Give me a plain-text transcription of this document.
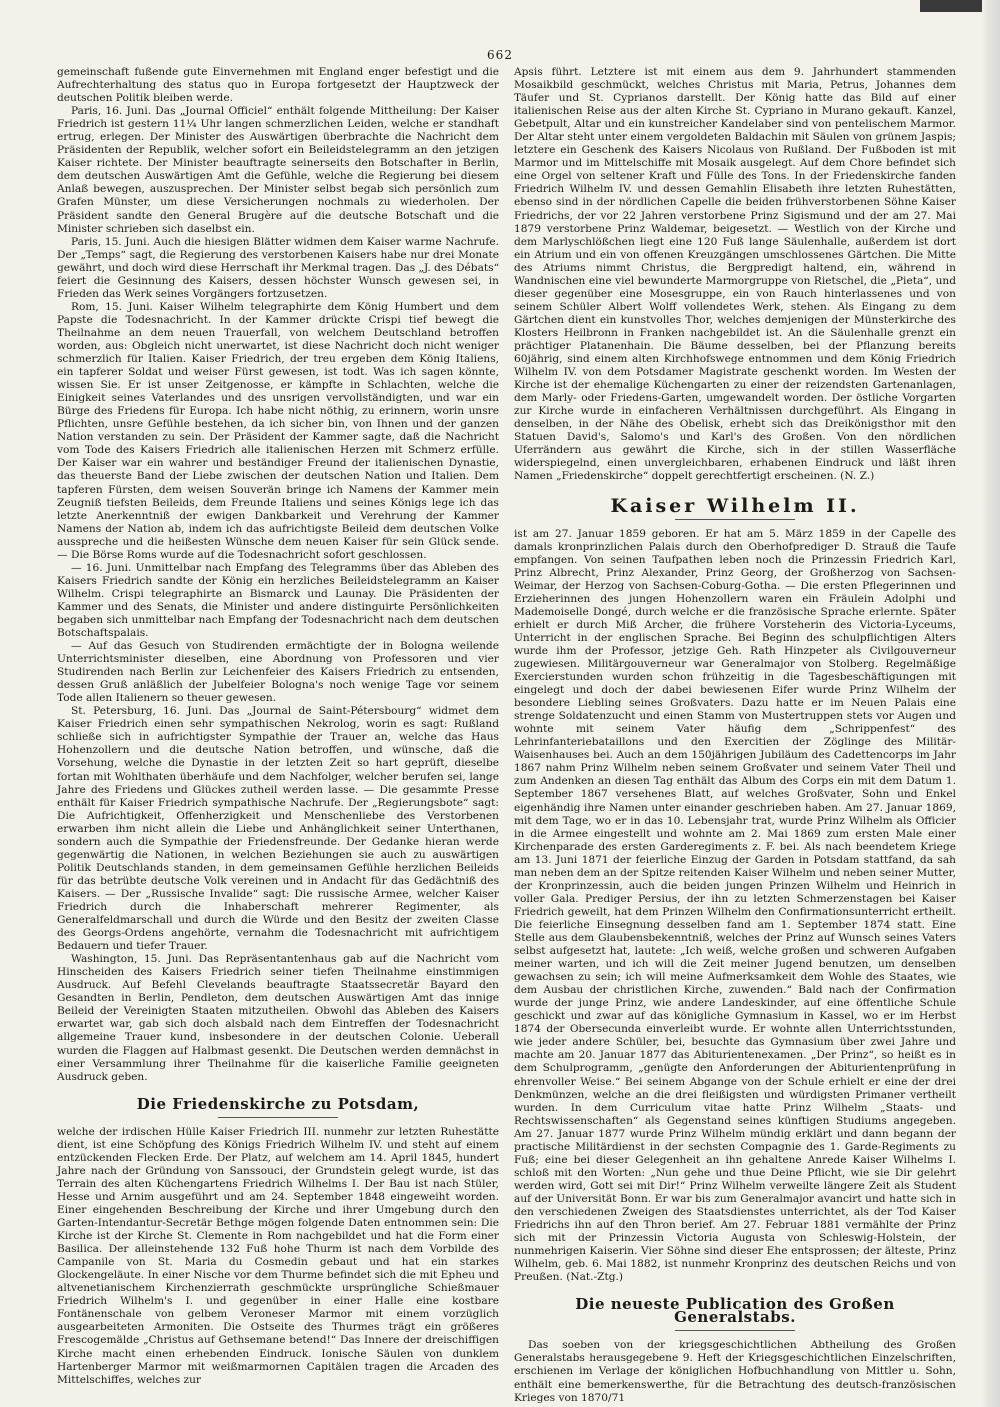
662

gemeinschaft fußende gute Einvernehmen mit England enger befestigt und die Aufrechterhaltung des status quo in Europa fortgesetzt der Hauptzweck der deutschen Politik bleiben werde.

Paris, 16. Juni. Das „Journal Officiel“ enthält folgende Mittheilung: Der Kaiser Friedrich ist gestern 11¼ Uhr langen schmerzlichen Leiden, welche er standhaft ertrug, erlegen. Der Minister des Auswärtigen überbrachte die Nachricht dem Präsidenten der Republik, welcher sofort ein Beileidstelegramm an den jetzigen Kaiser richtete. Der Minister beauftragte seinerseits den Botschafter in Berlin, dem deutschen Auswärtigen Amt die Gefühle, welche die Regierung bei diesem Anlaß bewegen, auszusprechen. Der Minister selbst begab sich persönlich zum Grafen Münster, um diese Versicherungen nochmals zu wiederholen. Der Präsident sandte den General Brugère auf die deutsche Botschaft und die Minister schrieben sich daselbst ein.

Paris, 15. Juni. Auch die hiesigen Blätter widmen dem Kaiser warme Nachrufe. Der „Temps“ sagt, die Regierung des verstorbenen Kaisers habe nur drei Monate gewährt, und doch wird diese Herrschaft ihr Merkmal tragen. Das „J. des Débats“ feiert die Gesinnung des Kaisers, dessen höchster Wunsch gewesen sei, in Frieden das Werk seines Vorgängers fortzusetzen.

Rom, 15. Juni. Kaiser Wilhelm telegraphirte dem König Humbert und dem Papste die Todesnachricht. In der Kammer drückte Crispi tief bewegt die Theilnahme an dem neuen Trauerfall, von welchem Deutschland betroffen worden, aus: Obgleich nicht unerwartet, ist diese Nachricht doch nicht weniger schmerzlich für Italien. Kaiser Friedrich, der treu ergeben dem König Italiens, ein tapferer Soldat und weiser Fürst gewesen, ist todt. Was ich sagen könnte, wissen Sie. Er ist unser Zeitgenosse, er kämpfte in Schlachten, welche die Einigkeit seines Vaterlandes und des unsrigen vervollständigten, und war ein Bürge des Friedens für Europa. Ich habe nicht nöthig, zu erinnern, worin unsre Pflichten, unsre Gefühle bestehen, da ich sicher bin, von Ihnen und der ganzen Nation verstanden zu sein. Der Präsident der Kammer sagte, daß die Nachricht vom Tode des Kaisers Friedrich alle italienischen Herzen mit Schmerz erfülle. Der Kaiser war ein wahrer und beständiger Freund der italienischen Dynastie, das theuerste Band der Liebe zwischen der deutschen Nation und Italien. Dem tapferen Fürsten, dem weisen Souverän bringe ich Namens der Kammer mein Zeugniß tiefsten Beileids, dem Freunde Italiens und seines Königs lege ich das letzte Anerkenntniß der ewigen Dankbarkeit und Verehrung der Kammer Namens der Nation ab, indem ich das aufrichtigste Beileid dem deutschen Volke ausspreche und die heißesten Wünsche dem neuen Kaiser für sein Glück sende. — Die Börse Roms wurde auf die Todesnachricht sofort geschlossen.

— 16. Juni. Unmittelbar nach Empfang des Telegramms über das Ableben des Kaisers Friedrich sandte der König ein herzliches Beileidstelegramm an Kaiser Wilhelm. Crispi telegraphirte an Bismarck und Launay. Die Präsidenten der Kammer und des Senats, die Minister und andere distinguirte Persönlichkeiten begaben sich unmittelbar nach Empfang der Todesnachricht nach dem deutschen Botschaftspalais.

— Auf das Gesuch von Studirenden ermächtigte der in Bologna weilende Unterrichtsminister dieselben, eine Abordnung von Professoren und vier Studirenden nach Berlin zur Leichenfeier des Kaisers Friedrich zu entsenden, dessen Gruß anläßlich der Jubelfeier Bologna's noch wenige Tage vor seinem Tode allen Italienern so theuer gewesen.

St. Petersburg, 16. Juni. Das „Journal de Saint-Pétersbourg“ widmet dem Kaiser Friedrich einen sehr sympathischen Nekrolog, worin es sagt: Rußland schließe sich in aufrichtigster Sympathie der Trauer an, welche das Haus Hohenzollern und die deutsche Nation betroffen, und wünsche, daß die Vorsehung, welche die Dynastie in der letzten Zeit so hart geprüft, dieselbe fortan mit Wohlthaten überhäufe und dem Nachfolger, welcher berufen sei, lange Jahre des Friedens und Glückes zutheil werden lasse. — Die gesammte Presse enthält für Kaiser Friedrich sympathische Nachrufe. Der „Regierungsbote“ sagt: Die Aufrichtigkeit, Offenherzigkeit und Menschenliebe des Verstorbenen erwarben ihm nicht allein die Liebe und Anhänglichkeit seiner Unterthanen, sondern auch die Sympathie der Friedensfreunde. Der Gedanke hieran werde gegenwärtig die Nationen, in welchen Beziehungen sie auch zu auswärtigen Politik Deutschlands standen, in dem gemeinsamen Gefühle herzlichen Beileids für das betrübte deutsche Volk vereinen und in Andacht für das Gedächtniß des Kaisers. — Der „Russische Invalide“ sagt: Die russische Armee, welcher Kaiser Friedrich durch die Inhaberschaft mehrerer Regimenter, als Generalfeldmarschall und durch die Würde und den Besitz der zweiten Classe des Georgs-Ordens angehörte, vernahm die Todesnachricht mit aufrichtigem Bedauern und tiefer Trauer.

Washington, 15. Juni. Das Repräsentantenhaus gab auf die Nachricht vom Hinscheiden des Kaisers Friedrich seiner tiefen Theilnahme einstimmigen Ausdruck. Auf Befehl Clevelands beauftragte Staatssecretär Bayard den Gesandten in Berlin, Pendleton, dem deutschen Auswärtigen Amt das innige Beileid der Vereinigten Staaten mitzutheilen. Obwohl das Ableben des Kaisers erwartet war, gab sich doch alsbald nach dem Eintreffen der Todesnachricht allgemeine Trauer kund, insbesondere in der deutschen Colonie. Ueberall wurden die Flaggen auf Halbmast gesenkt. Die Deutschen werden demnächst in einer Versammlung ihrer Theilnahme für die kaiserliche Familie geeigneten Ausdruck geben.

Die Friedenskirche zu Potsdam,

welche der irdischen Hülle Kaiser Friedrich III. nunmehr zur letzten Ruhestätte dient, ist eine Schöpfung des Königs Friedrich Wilhelm IV. und steht auf einem entzückenden Flecken Erde. Der Platz, auf welchem am 14. April 1845, hundert Jahre nach der Gründung von Sanssouci, der Grundstein gelegt wurde, ist das Terrain des alten Küchengartens Friedrich Wilhelms I. Der Bau ist nach Stüler, Hesse und Arnim ausgeführt und am 24. September 1848 eingeweiht worden. Einer eingehenden Beschreibung der Kirche und ihrer Umgebung durch den Garten-Intendantur-Secretär Bethge mögen folgende Daten entnommen sein: Die Kirche ist der Kirche St. Clemente in Rom nachgebildet und hat die Form einer Basilica. Der alleinstehende 132 Fuß hohe Thurm ist nach dem Vorbilde des Campanile von St. Maria du Cosmedin gebaut und hat ein starkes Glockengeläute. In einer Nische vor dem Thurme befindet sich die mit Epheu und altvenetianischem Kirchenzierrath geschmückte ursprüngliche Schießmauer Friedrich Wilhelm's I. und gegenüber in einer Halle eine kostbare Fontänenschale von gelbem Veroneser Marmor mit einem vorzüglich ausgearbeiteten Armoniten. Die Ostseite des Thurmes trägt ein größeres Frescogemälde „Christus auf Gethsemane betend!“ Das Innere der dreischiffigen Kirche macht einen erhebenden Eindruck. Ionische Säulen von dunklem Hartenberger Marmor mit weißmarmornen Capitälen tragen die Arcaden des Mittelschiffes, welches zur

Apsis führt. Letztere ist mit einem aus dem 9. Jahrhundert stammenden Mosaikbild geschmückt, welches Christus mit Maria, Petrus, Johannes dem Täufer und St. Cyprianos darstellt. Der König hatte das Bild auf einer italienischen Reise aus der alten Kirche St. Cypriano in Murano gekauft. Kanzel, Gebetpult, Altar und ein kunstreicher Kandelaber sind von pentelischem Marmor. Der Altar steht unter einem vergoldeten Baldachin mit Säulen von grünem Jaspis; letztere ein Geschenk des Kaisers Nicolaus von Rußland. Der Fußboden ist mit Marmor und im Mittelschiffe mit Mosaik ausgelegt. Auf dem Chore befindet sich eine Orgel von seltener Kraft und Fülle des Tons. In der Friedenskirche fanden Friedrich Wilhelm IV. und dessen Gemahlin Elisabeth ihre letzten Ruhestätten, ebenso sind in der nördlichen Capelle die beiden frühverstorbenen Söhne Kaiser Friedrichs, der vor 22 Jahren verstorbene Prinz Sigismund und der am 27. Mai 1879 verstorbene Prinz Waldemar, beigesetzt. — Westlich von der Kirche und dem Marlyschlößchen liegt eine 120 Fuß lange Säulenhalle, außerdem ist dort ein Atrium und ein von offenen Kreuzgängen umschlossenes Gärtchen. Die Mitte des Atriums nimmt Christus, die Bergpredigt haltend, ein, während in Wandnischen eine viel bewunderte Marmorgruppe von Rietschel, die „Pieta“, und dieser gegenüber eine Mosesgruppe, ein von Rauch hinterlassenes und von seinem Schüler Albert Wolff vollendetes Werk, stehen. Als Eingang zu dem Gärtchen dient ein kunstvolles Thor, welches demjenigen der Münsterkirche des Klosters Heilbronn in Franken nachgebildet ist. An die Säulenhalle grenzt ein prächtiger Platanenhain. Die Bäume desselben, bei der Pflanzung bereits 60jährig, sind einem alten Kirchhofswege entnommen und dem König Friedrich Wilhelm IV. von dem Potsdamer Magistrate geschenkt worden. Im Westen der Kirche ist der ehemalige Küchengarten zu einer der reizendsten Gartenanlagen, dem Marly- oder Friedens-Garten, umgewandelt worden. Der östliche Vorgarten zur Kirche wurde in einfacheren Verhältnissen durchgeführt. Als Eingang in denselben, in der Nähe des Obelisk, erhebt sich das Dreikönigsthor mit den Statuen David's, Salomo's und Karl's des Großen. Von den nördlichen Uferrändern aus gewährt die Kirche, sich in der stillen Wasserfläche widerspiegelnd, einen unvergleichbaren, erhabenen Eindruck und läßt ihren Namen „Friedenskirche“ doppelt gerechtfertigt erscheinen. (N. Z.)

Kaiser Wilhelm II.

ist am 27. Januar 1859 geboren. Er hat am 5. März 1859 in der Capelle des damals kronprinzlichen Palais durch den Oberhofprediger D. Strauß die Taufe empfangen. Von seinen Taufpathen leben noch die Prinzessin Friedrich Karl, Prinz Albrecht, Prinz Alexander, Prinz Georg, der Großherzog von Sachsen-Weimar, der Herzog von Sachsen-Coburg-Gotha. — Die ersten Pflegerinnen und Erzieherinnen des jungen Hohenzollern waren ein Fräulein Adolphi und Mademoiselle Dongé, durch welche er die französische Sprache erlernte. Später erhielt er durch Miß Archer, die frühere Vorsteherin des Victoria-Lyceums, Unterricht in der englischen Sprache. Bei Beginn des schulpflichtigen Alters wurde ihm der Professor, jetzige Geh. Rath Hinzpeter als Civilgouverneur zugewiesen. Militärgouverneur war Generalmajor von Stolberg. Regelmäßige Exercierstunden wurden schon frühzeitig in die Tagesbeschäftigungen mit eingelegt und doch der dabei bewiesenen Eifer wurde Prinz Wilhelm der besondere Liebling seines Großvaters. Dazu hatte er im Neuen Palais eine strenge Soldatenzucht und einen Stamm von Mustertruppen stets vor Augen und wohnte mit seinem Vater häufig dem „Schrippenfest“ des Lehrinfanteriebataillons und den Exercitien der Zöglinge des Militär-Waisenhauses bei. Auch an dem 150jährigen Jubiläum des Cadettencorps im Jahr 1867 nahm Prinz Wilhelm neben seinem Großvater und seinem Vater Theil und zum Andenken an diesen Tag enthält das Album des Corps ein mit dem Datum 1. September 1867 versehenes Blatt, auf welches Großvater, Sohn und Enkel eigenhändig ihre Namen unter einander geschrieben haben. Am 27. Januar 1869, mit dem Tage, wo er in das 10. Lebensjahr trat, wurde Prinz Wilhelm als Officier in die Armee eingestellt und wohnte am 2. Mai 1869 zum ersten Male einer Kirchenparade des ersten Garderegiments z. F. bei. Als nach beendetem Kriege am 13. Juni 1871 der feierliche Einzug der Garden in Potsdam stattfand, da sah man neben dem an der Spitze reitenden Kaiser Wilhelm und neben seiner Mutter, der Kronprinzessin, auch die beiden jungen Prinzen Wilhelm und Heinrich in voller Gala. Prediger Persius, der ihn zu letzten Schmerzenstagen bei Kaiser Friedrich geweilt, hat dem Prinzen Wilhelm den Confirmationsunterricht ertheilt. Die feierliche Einsegnung desselben fand am 1. September 1874 statt. Eine Stelle aus dem Glaubensbekenntniß, welches der Prinz auf Wunsch seines Vaters selbst aufgesetzt hat, lautete: „Ich weiß, welche großen und schweren Aufgaben meiner warten, und ich will die Zeit meiner Jugend benutzen, um denselben gewachsen zu sein; ich will meine Aufmerksamkeit dem Wohle des Staates, wie dem Ausbau der christlichen Kirche, zuwenden.“ Bald nach der Confirmation wurde der junge Prinz, wie andere Landeskinder, auf eine öffentliche Schule geschickt und zwar auf das königliche Gymnasium in Kassel, wo er im Herbst 1874 der Obersecunda einverleibt wurde. Er wohnte allen Unterrichtsstunden, wie jeder andere Schüler, bei, besuchte das Gymnasium über zwei Jahre und machte am 20. Januar 1877 das Abiturientenexamen. „Der Prinz“, so heißt es in dem Schulprogramm, „genügte den Anforderungen der Abiturientenprüfung in ehrenvoller Weise.“ Bei seinem Abgange von der Schule erhielt er eine der drei Denkmünzen, welche an die drei fleißigsten und würdigsten Primaner vertheilt wurden. In dem Curriculum vitae hatte Prinz Wilhelm „Staats- und Rechtswissenschaften“ als Gegenstand seines künftigen Studiums angegeben. Am 27. Januar 1877 wurde Prinz Wilhelm mündig erklärt und dann begann der practische Militärdienst in der sechsten Compagnie des 1. Garde-Regiments zu Fuß; eine bei dieser Gelegenheit an ihn gehaltene Anrede Kaiser Wilhelms I. schloß mit den Worten: „Nun gehe und thue Deine Pflicht, wie sie Dir gelehrt werden wird, Gott sei mit Dir!“ Prinz Wilhelm verweilte längere Zeit als Student auf der Universität Bonn. Er war bis zum Generalmajor avancirt und hatte sich in den verschiedenen Zweigen des Staatsdienstes unterrichtet, als der Tod Kaiser Friedrichs ihn auf den Thron berief. Am 27. Februar 1881 vermählte der Prinz sich mit der Prinzessin Victoria Augusta von Schleswig-Holstein, der nunmehrigen Kaiserin. Vier Söhne sind dieser Ehe entsprossen; der älteste, Prinz Wilhelm, geb. 6. Mai 1882, ist nunmehr Kronprinz des deutschen Reichs und von Preußen. (Nat.-Ztg.)

Die neueste Publication des Großen Generalstabs.

Das soeben von der kriegsgeschichtlichen Abtheilung des Großen Generalstabs herausgegebene 9. Heft der Kriegsgeschichtlichen Einzelschriften, erschienen im Verlage der königlichen Hofbuchhandlung von Mittler u. Sohn, enthält eine bemerkenswerthe, für die Betrachtung des deutsch-französischen Krieges von 1870/71
